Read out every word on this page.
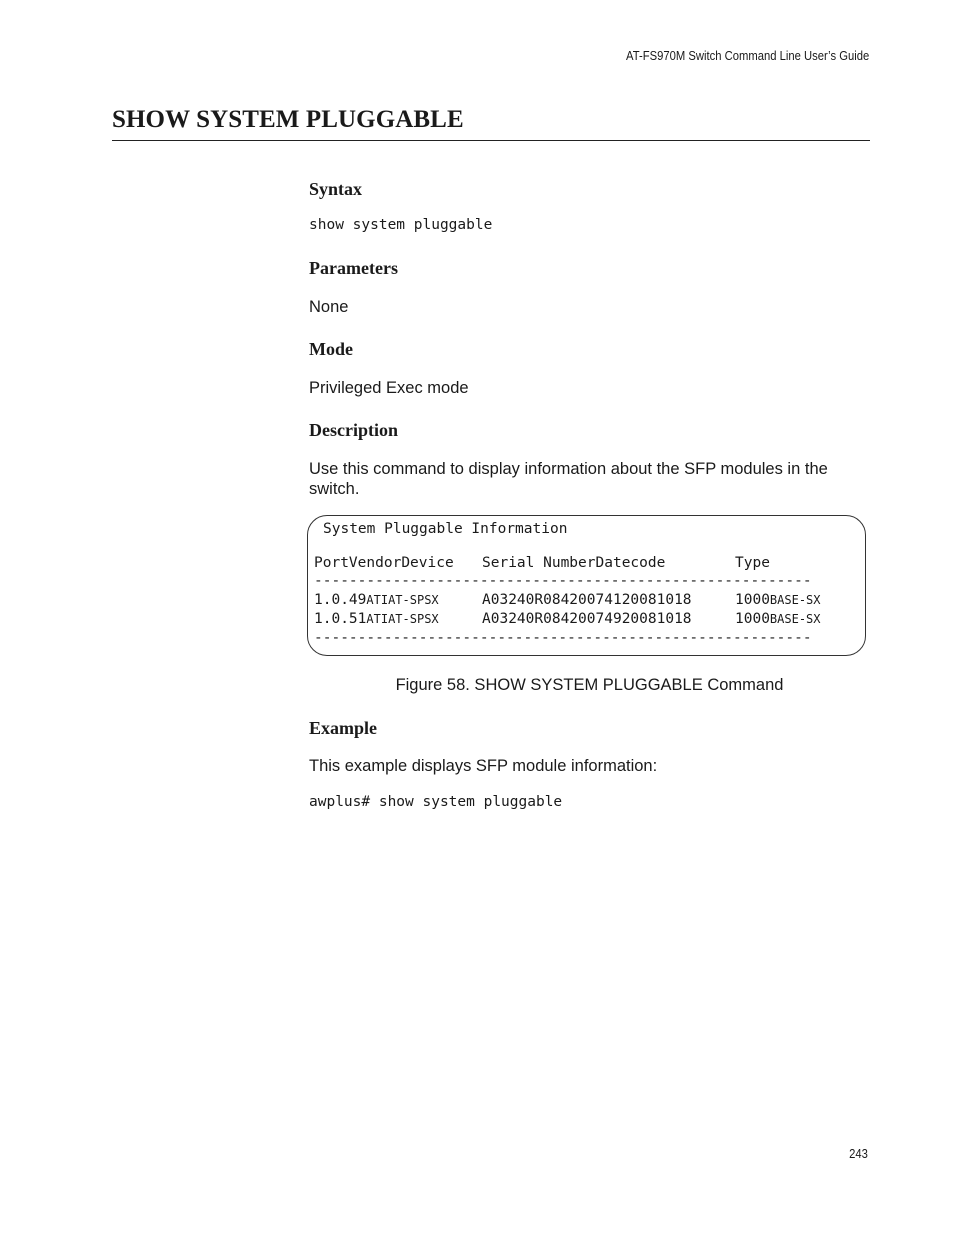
AT-FS970M Switch Command Line User’s Guide
SHOW SYSTEM PLUGGABLE
Syntax
show system pluggable
Parameters

None

Mode

Privileged Exec mode

Description

Use this command to display information about the SFP modules in the

switch.

System Pluggable Information
PortVendorDevice Serial NumberDatecode	Type
---------------------------------------------------------
1.0.49ATIAT-SPSX	A03240R08420074120081018	1000BASE-SX
1.0.51ATIAT-SPSX	A03240R08420074920081018	1000BASE-SX
---------------------------------------------------------
Figure 58. SHOW SYSTEM PLUGGABLE Command
Example

This example displays SFP module information:

awplus# show system pluggable
243
